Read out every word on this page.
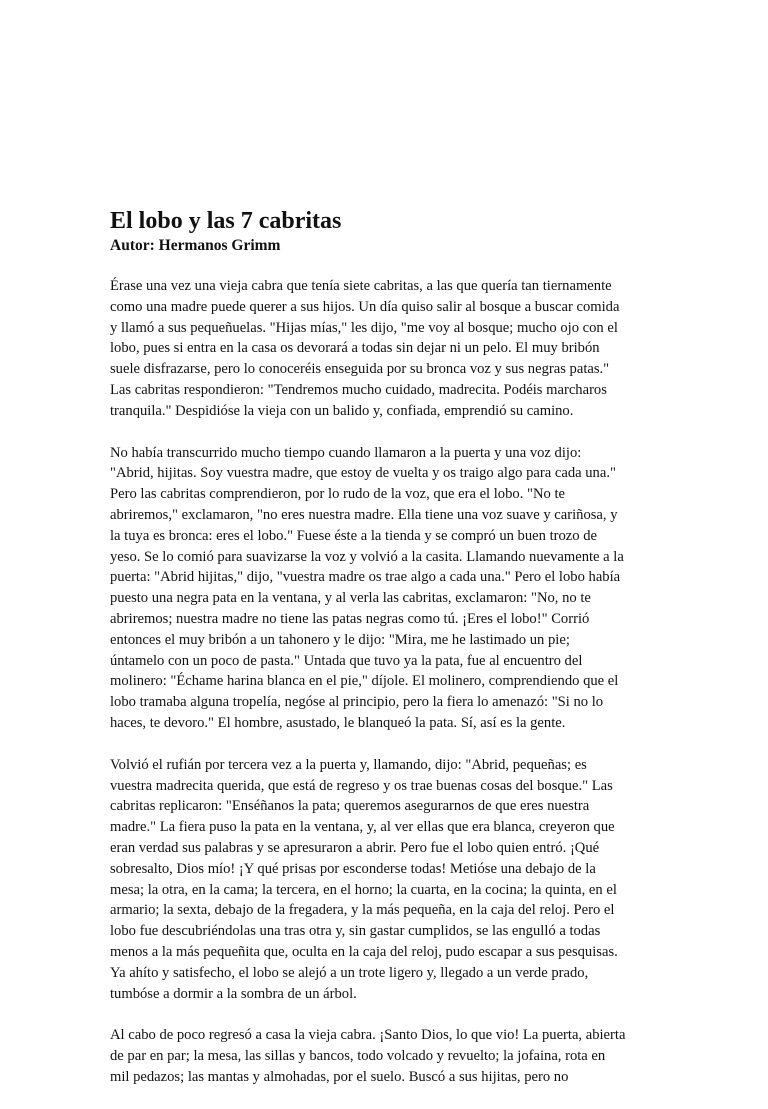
El lobo y las 7 cabritas
Autor: Hermanos Grimm
Érase una vez una vieja cabra que tenía siete cabritas, a las que quería tan tiernamente
como una madre puede querer a sus hijos. Un día quiso salir al bosque a buscar comida
y llamó a sus pequeñuelas. "Hijas mías," les dijo, "me voy al bosque; mucho ojo con el
lobo, pues si entra en la casa os devorará a todas sin dejar ni un pelo. El muy bribón
suele disfrazarse, pero lo conoceréis enseguida por su bronca voz y sus negras patas."
Las cabritas respondieron: "Tendremos mucho cuidado, madrecita. Podéis marcharos
tranquila." Despidióse la vieja con un balido y, confiada, emprendió su camino.
No había transcurrido mucho tiempo cuando llamaron a la puerta y una voz dijo:
"Abrid, hijitas. Soy vuestra madre, que estoy de vuelta y os traigo algo para cada una."
Pero las cabritas comprendieron, por lo rudo de la voz, que era el lobo. "No te
abriremos," exclamaron, "no eres nuestra madre. Ella tiene una voz suave y cariñosa, y
la tuya es bronca: eres el lobo." Fuese éste a la tienda y se compró un buen trozo de
yeso. Se lo comió para suavizarse la voz y volvió a la casita. Llamando nuevamente a la
puerta: "Abrid hijitas," dijo, "vuestra madre os trae algo a cada una." Pero el lobo había
puesto una negra pata en la ventana, y al verla las cabritas, exclamaron: "No, no te
abriremos; nuestra madre no tiene las patas negras como tú. ¡Eres el lobo!" Corrió
entonces el muy bribón a un tahonero y le dijo: "Mira, me he lastimado un pie;
úntamelo con un poco de pasta." Untada que tuvo ya la pata, fue al encuentro del
molinero: "Échame harina blanca en el pie," díjole. El molinero, comprendiendo que el
lobo tramaba alguna tropelía, negóse al principio, pero la fiera lo amenazó: "Si no lo
haces, te devoro." El hombre, asustado, le blanqueó la pata. Sí, así es la gente.
Volvió el rufián por tercera vez a la puerta y, llamando, dijo: "Abrid, pequeñas; es
vuestra madrecita querida, que está de regreso y os trae buenas cosas del bosque." Las
cabritas replicaron: "Enséñanos la pata; queremos asegurarnos de que eres nuestra
madre." La fiera puso la pata en la ventana, y, al ver ellas que era blanca, creyeron que
eran verdad sus palabras y se apresuraron a abrir. Pero fue el lobo quien entró. ¡Qué
sobresalto, Dios mío! ¡Y qué prisas por esconderse todas! Metióse una debajo de la
mesa; la otra, en la cama; la tercera, en el horno; la cuarta, en la cocina; la quinta, en el
armario; la sexta, debajo de la fregadera, y la más pequeña, en la caja del reloj. Pero el
lobo fue descubriéndolas una tras otra y, sin gastar cumplidos, se las engulló a todas
menos a la más pequeñita que, oculta en la caja del reloj, pudo escapar a sus pesquisas.
Ya ahíto y satisfecho, el lobo se alejó a un trote ligero y, llegado a un verde prado,
tumbóse a dormir a la sombra de un árbol.
Al cabo de poco regresó a casa la vieja cabra. ¡Santo Dios, lo que vio! La puerta, abierta
de par en par; la mesa, las sillas y bancos, todo volcado y revuelto; la jofaina, rota en
mil pedazos; las mantas y almohadas, por el suelo. Buscó a sus hijitas, pero no
